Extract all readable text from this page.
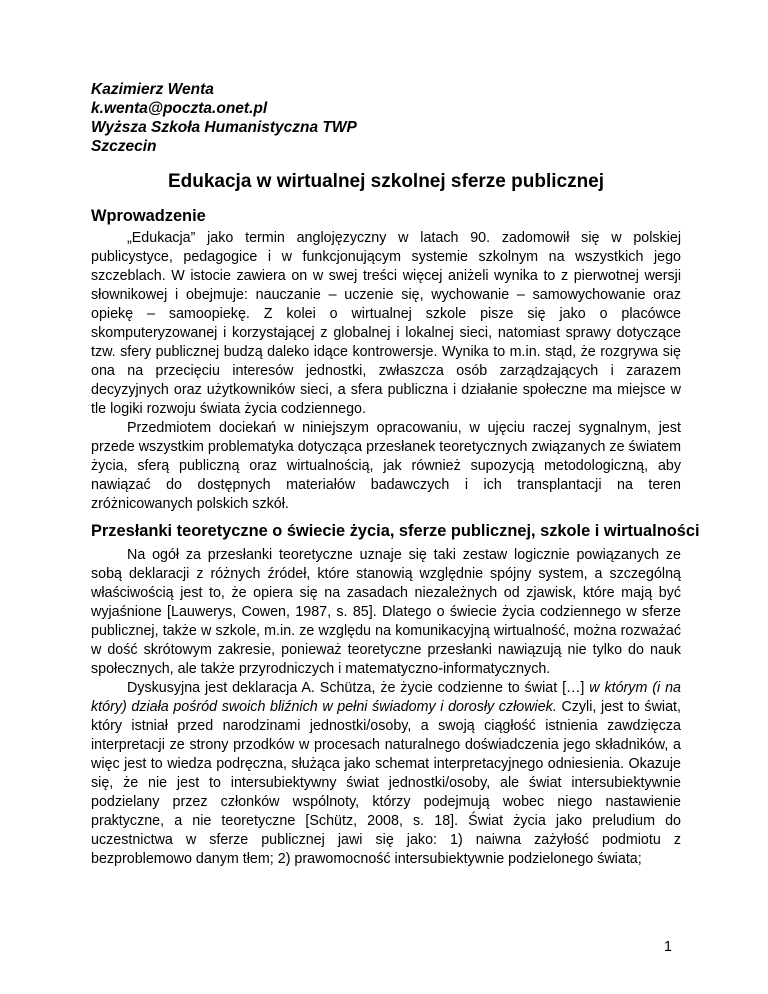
Kazimierz Wenta
k.wenta@poczta.onet.pl
Wyższa Szkoła Humanistyczna TWP
Szczecin
Edukacja w wirtualnej szkolnej sferze publicznej
Wprowadzenie

„Edukacja” jako termin anglojęzyczny w latach 90. zadomowił się w polskiej publicystyce, pedagogice i w funkcjonującym systemie szkolnym na wszystkich jego szczeblach. W istocie zawiera on w swej treści więcej aniżeli wynika to z pierwotnej wersji słownikowej i obejmuje: nauczanie – uczenie się, wychowanie – samowychowanie oraz opiekę – samoopiekę. Z kolei o wirtualnej szkole pisze się jako o placówce skomputeryzowanej i korzystającej z globalnej i lokalnej sieci, natomiast sprawy dotyczące tzw. sfery publicznej budzą daleko idące kontrowersje. Wynika to m.in. stąd, że rozgrywa się ona na przecięciu interesów jednostki, zwłaszcza osób zarządzających i zarazem decyzyjnych oraz użytkowników sieci, a sfera publiczna i działanie społeczne ma miejsce w tle logiki rozwoju świata życia codziennego.

Przedmiotem dociekań w niniejszym opracowaniu, w ujęciu raczej sygnalnym, jest przede wszystkim problematyka dotycząca przesłanek teoretycznych związanych ze światem życia, sferą publiczną oraz wirtualnością, jak również supozycją metodologiczną, aby nawiązać do dostępnych materiałów badawczych i ich transplantacji na teren zróżnicowanych polskich szkół.

Przesłanki teoretyczne o świecie życia, sferze publicznej, szkole i wirtualności

Na ogół za przesłanki teoretyczne uznaje się taki zestaw logicznie powiązanych ze sobą deklaracji z różnych źródeł, które stanowią względnie spójny system, a szczególną właściwością jest to, że opiera się na zasadach niezależnych od zjawisk, które mają być wyjaśnione [Lauwerys, Cowen, 1987, s. 85]. Dlatego o świecie życia codziennego w sferze publicznej, także w szkole, m.in. ze względu na komunikacyjną wirtualność, można rozważać w dość skrótowym zakresie, ponieważ teoretyczne przesłanki nawiązują nie tylko do nauk społecznych, ale także przyrodniczych i matematyczno-informatycznych.

Dyskusyjna jest deklaracja A. Schütza, że życie codzienne to świat […] w którym (i na który) działa pośród swoich bliźnich w pełni świadomy i dorosły człowiek. Czyli, jest to świat, który istniał przed narodzinami jednostki/osoby, a swoją ciągłość istnienia zawdzięcza interpretacji ze strony przodków w procesach naturalnego doświadczenia jego składników, a więc jest to wiedza podręczna, służąca jako schemat interpretacyjnego odniesienia. Okazuje się, że nie jest to intersubiektywny świat jednostki/osoby, ale świat intersubiektywnie podzielany przez członków wspólnoty, którzy podejmują wobec niego nastawienie praktyczne, a nie teoretyczne [Schütz, 2008, s. 18]. Świat życia jako preludium do uczestnictwa w sferze publicznej jawi się jako: 1) naiwna zażyłość podmiotu z bezproblemowo danym tłem; 2) prawomocność intersubiektywnie podzielonego świata;

1
